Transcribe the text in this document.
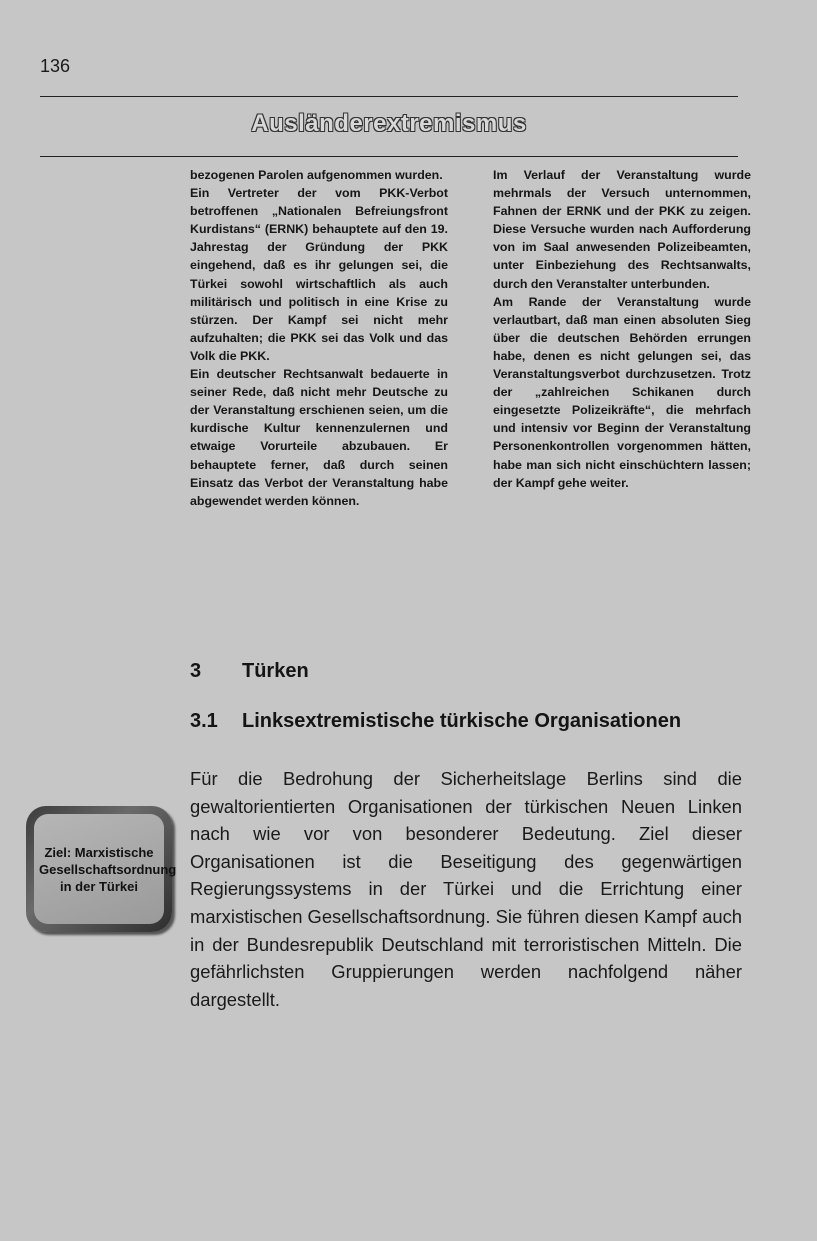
136
Ausländerextremismus

bezogenen Parolen aufgenommen wurden.

Ein Vertreter der vom PKK-Verbot betroffenen „Nationalen Befreiungsfront Kurdistans“ (ERNK) behauptete auf den 19. Jahrestag der Gründung der PKK eingehend, daß es ihr gelungen sei, die Türkei sowohl wirtschaftlich als auch militärisch und politisch in eine Krise zu stürzen. Der Kampf sei nicht mehr aufzuhalten; die PKK sei das Volk und das Volk die PKK.

Ein deutscher Rechtsanwalt bedauerte in seiner Rede, daß nicht mehr Deutsche zu der Veranstaltung erschienen seien, um die kurdische Kultur kennenzulernen und etwaige Vorurteile abzubauen. Er behauptete ferner, daß durch seinen Einsatz das Verbot der Veranstaltung habe abgewendet werden können.

Im Verlauf der Veranstaltung wurde mehrmals der Versuch unternommen, Fahnen der ERNK und der PKK zu zeigen. Diese Versuche wurden nach Aufforderung von im Saal anwesenden Polizeibeamten, unter Einbeziehung des Rechtsanwalts, durch den Veranstalter unterbunden.

Am Rande der Veranstaltung wurde verlautbart, daß man einen absoluten Sieg über die deutschen Behörden errungen habe, denen es nicht gelungen sei, das Veranstaltungsverbot durchzusetzen. Trotz der „zahlreichen Schikanen durch eingesetzte Polizeikräfte“, die mehrfach und intensiv vor Beginn der Veranstaltung Personenkontrollen vorgenommen hätten, habe man sich nicht einschüchtern lassen; der Kampf gehe weiter.

3 Türken
3.1 Linksextremistische türkische Organisationen

Für die Bedrohung der Sicherheitslage Berlins sind die gewaltorientierten Organisationen der türkischen Neuen Linken nach wie vor von besonderer Bedeutung. Ziel dieser Organisationen ist die Beseitigung des gegenwärtigen Regierungssystems in der Türkei und die Errichtung einer marxistischen Gesellschaftsordnung. Sie führen diesen Kampf auch in der Bundesrepublik Deutschland mit terroristischen Mitteln. Die gefährlichsten Gruppierungen werden nachfolgend näher dargestellt.

Ziel: Marxistische Gesellschaftsordnung in der Türkei
